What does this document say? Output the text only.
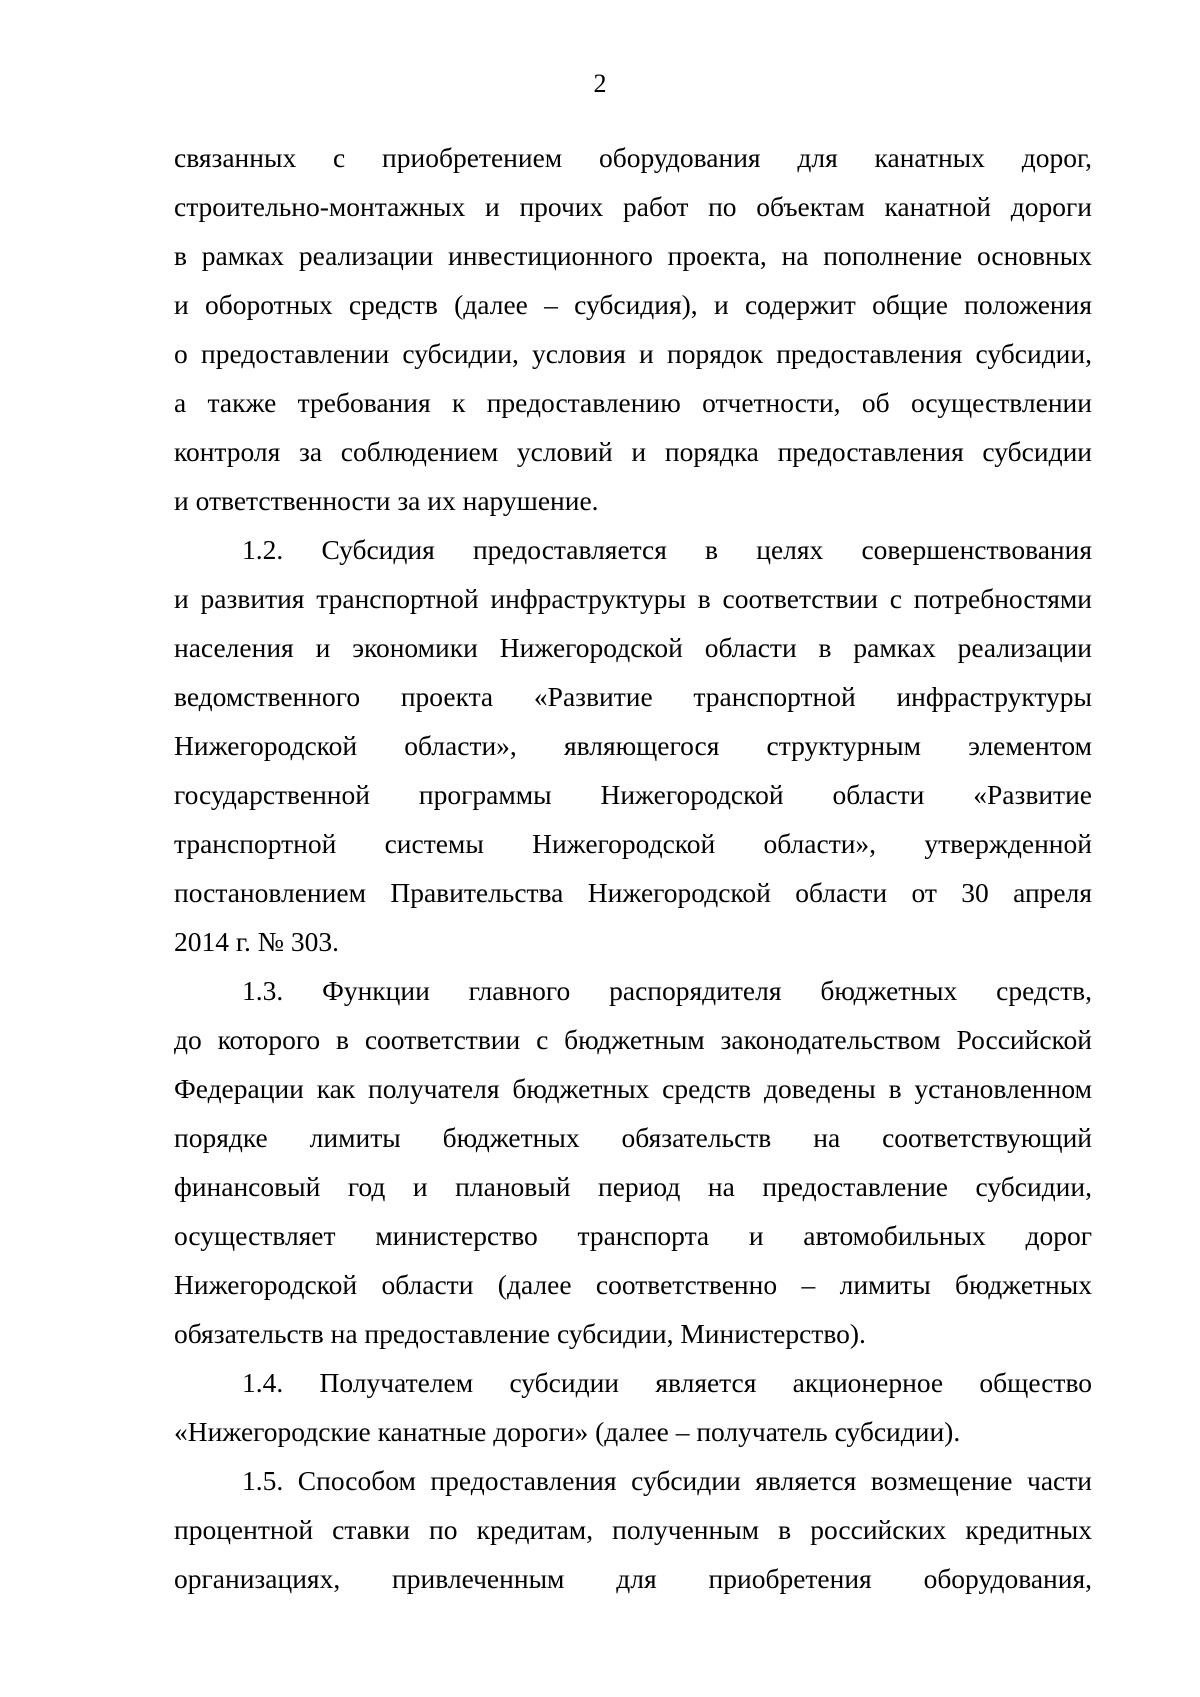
2
связанных с приобретением оборудования для канатных дорог,
строительно-монтажных и прочих работ по объектам канатной дороги
в рамках реализации инвестиционного проекта, на пополнение основных
и оборотных средств (далее – субсидия), и содержит общие положения
о предоставлении субсидии, условия и порядок предоставления субсидии,
а также требования к предоставлению отчетности, об осуществлении
контроля за соблюдением условий и порядка предоставления субсидии
и ответственности за их нарушение.
1.2. Субсидия предоставляется в целях совершенствования
и развития транспортной инфраструктуры в соответствии с потребностями
населения и экономики Нижегородской области в рамках реализации
ведомственного проекта «Развитие транспортной инфраструктуры
Нижегородской области», являющегося структурным элементом
государственной программы Нижегородской области «Развитие
транспортной системы Нижегородской области», утвержденной
постановлением Правительства Нижегородской области от 30 апреля
2014 г. № 303.
1.3. Функции главного распорядителя бюджетных средств,
до которого в соответствии с бюджетным законодательством Российской
Федерации как получателя бюджетных средств доведены в установленном
порядке лимиты бюджетных обязательств на соответствующий
финансовый год и плановый период на предоставление субсидии,
осуществляет министерство транспорта и автомобильных дорог
Нижегородской области (далее соответственно – лимиты бюджетных
обязательств на предоставление субсидии, Министерство).
1.4. Получателем субсидии является акционерное общество
«Нижегородские канатные дороги» (далее – получатель субсидии).
1.5. Способом предоставления субсидии является возмещение части
процентной ставки по кредитам, полученным в российских кредитных
организациях, привлеченным для приобретения оборудования,
